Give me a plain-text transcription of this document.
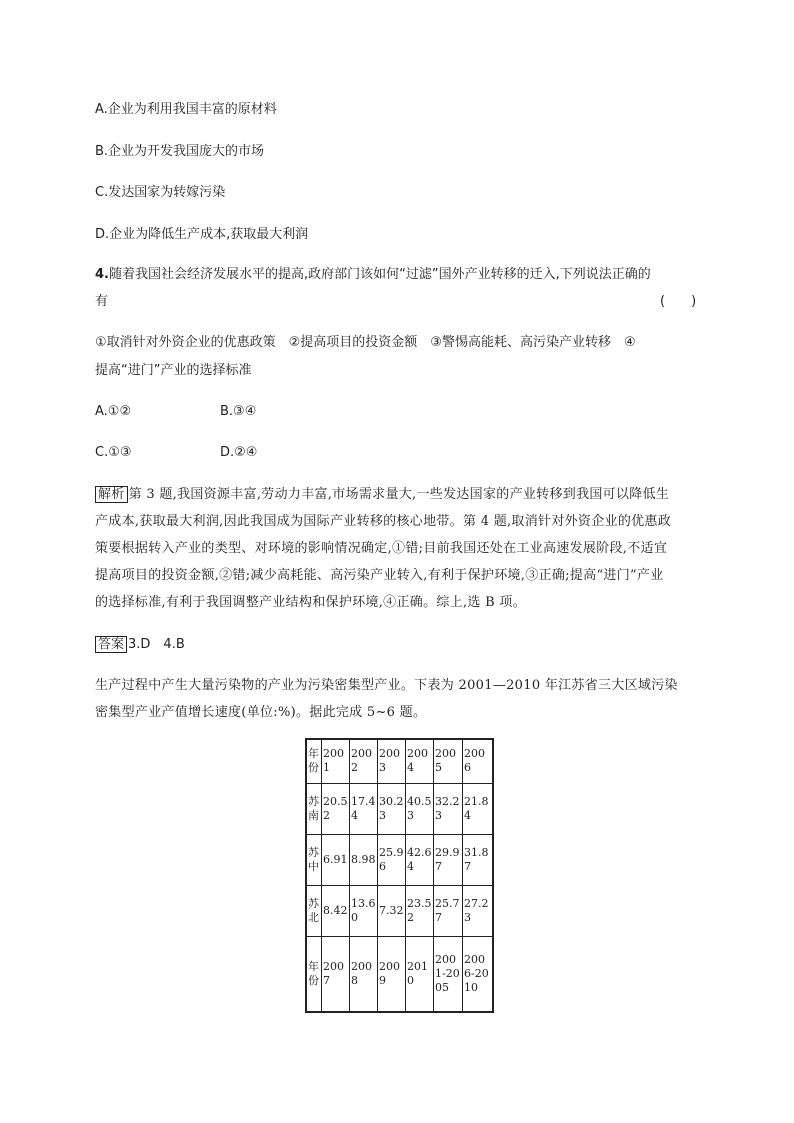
A.企业为利用我国丰富的原材料
B.企业为开发我国庞大的市场
C.发达国家为转嫁污染
D.企业为降低生产成本,获取最大利润
4.随着我国社会经济发展水平的提高,政府部门该如何“过滤”国外产业转移的迁入,下列说法正确的
有	(　　)
①取消针对外资企业的优惠政策　②提高项目的投资金额　③警惕高能耗、高污染产业转移　④
提高“进门”产业的选择标准
A.①②	B.③④
C.①③	D.②④
解析 第 3 题,我国资源丰富,劳动力丰富,市场需求量大,一些发达国家的产业转移到我国可以降低生
产成本,获取最大利润,因此我国成为国际产业转移的核心地带。第 4 题,取消针对外资企业的优惠政
策要根据转入产业的类型、对环境的影响情况确定,①错;目前我国还处在工业高速发展阶段,不适宜
提高项目的投资金额,②错;减少高耗能、高污染产业转入,有利于保护环境,③正确;提高“进门”产业
的选择标准,有利于我国调整产业结构和保护环境,④正确。综上,选 B 项。
答案 3.D　4.B
生产过程中产生大量污染物的产业为污染密集型产业。下表为 2001—2010 年江苏省三大区域污染
密集型产业产值增长速度(单位:%)。据此完成 5~6 题。
年份	2001	2002	2003	2004	2005	2006
苏南	20.52	17.44	30.23	40.53	32.23	21.84
苏中	6.91	8.98	25.96	42.64	29.97	31.87
苏北	8.42	13.60	7.32	23.52	25.77	27.23
年份	2007	2008	2009	2010	2001-2005	2006-2010
